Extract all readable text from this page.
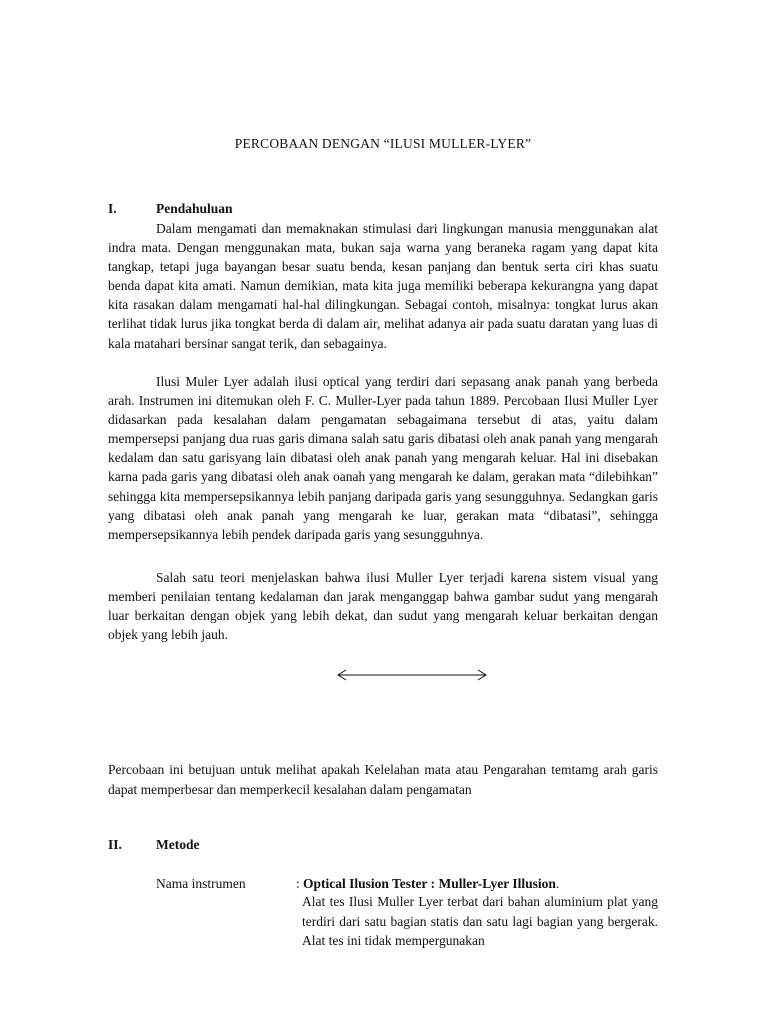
PERCOBAAN DENGAN “ILUSI MULLER-LYER”
I.	Pendahuluan

Dalam mengamati dan memaknakan stimulasi dari lingkungan manusia menggunakan alat indra mata. Dengan menggunakan mata, bukan saja warna yang beraneka ragam yang dapat kita tangkap, tetapi juga bayangan besar suatu benda, kesan panjang dan bentuk serta ciri khas suatu benda dapat kita amati. Namun demikian, mata kita juga memiliki beberapa kekurangna yang dapat kita rasakan dalam mengamati hal-hal dilingkungan. Sebagai contoh, misalnya: tongkat lurus akan terlihat tidak lurus jika tongkat berda di dalam air, melihat adanya air pada suatu daratan yang luas di kala matahari bersinar sangat terik, dan sebagainya.

Ilusi Muler Lyer adalah ilusi optical yang terdiri dari sepasang anak panah yang berbeda arah. Instrumen ini ditemukan oleh F. C. Muller-Lyer pada tahun 1889. Percobaan Ilusi Muller Lyer didasarkan pada kesalahan dalam pengamatan sebagaimana tersebut di atas, yaitu dalam mempersepsi panjang dua ruas garis dimana salah satu garis dibatasi oleh anak panah yang mengarah kedalam dan satu garisyang lain dibatasi oleh anak panah yang mengarah keluar. Hal ini disebakan karna pada garis yang dibatasi oleh anak oanah yang mengarah ke dalam, gerakan mata “dilebihkan” sehingga kita mempersepsikannya lebih panjang daripada garis yang sesungguhnya. Sedangkan garis yang dibatasi oleh anak panah yang mengarah ke luar, gerakan mata “dibatasi”, sehingga mempersepsikannya lebih pendek daripada garis yang sesungguhnya.

Salah satu teori menjelaskan bahwa ilusi Muller Lyer terjadi karena sistem visual yang memberi penilaian tentang kedalaman dan jarak menganggap bahwa gambar sudut yang mengarah luar berkaitan dengan objek yang lebih dekat, dan sudut yang mengarah keluar berkaitan dengan objek yang lebih jauh.

Percobaan ini betujuan untuk melihat apakah Kelelahan mata atau Pengarahan temtamg arah garis dapat memperbesar dan memperkecil kesalahan dalam pengamatan

II.	Metode
Nama instrumen	: Optical Ilusion Tester : Muller-Lyer Illusion.

Alat tes Ilusi Muller Lyer terbat dari bahan aluminium plat yang terdiri dari satu bagian statis dan satu lagi bagian yang bergerak. Alat tes ini tidak mempergunakan
